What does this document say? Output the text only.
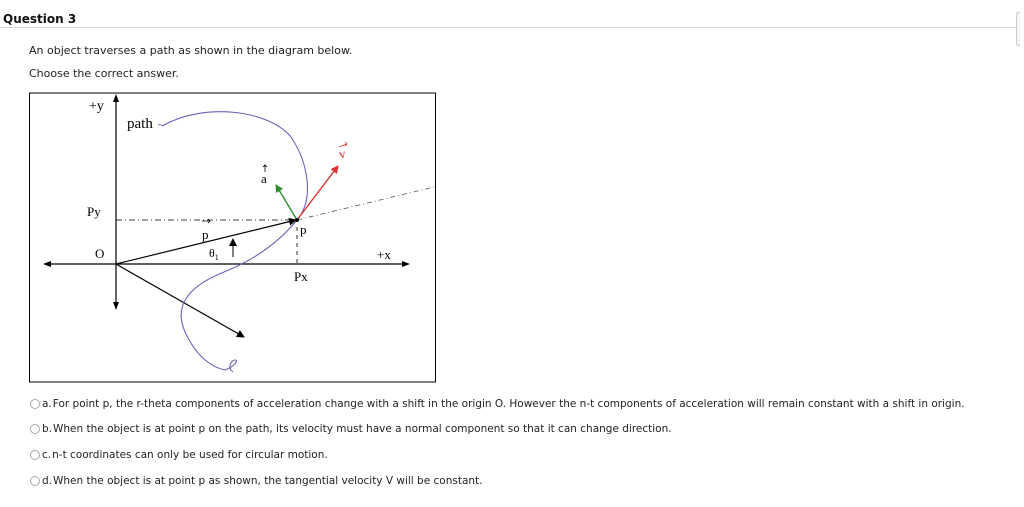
Question 3
An object traverses a path as shown in the diagram below.
Choose the correct answer.
+y
path
v
a
Py
p	p
$\theta_1$
O	+x
Px
a. For point p, the r-theta components of acceleration change with a shift in the origin O. However the n-t components of acceleration will remain constant with a shift in origin.
b. When the object is at point p on the path, its velocity must have a normal component so that it can change direction.
c. n-t coordinates can only be used for circular motion.
d. When the object is at point p as shown, the tangential velocity V will be constant.
